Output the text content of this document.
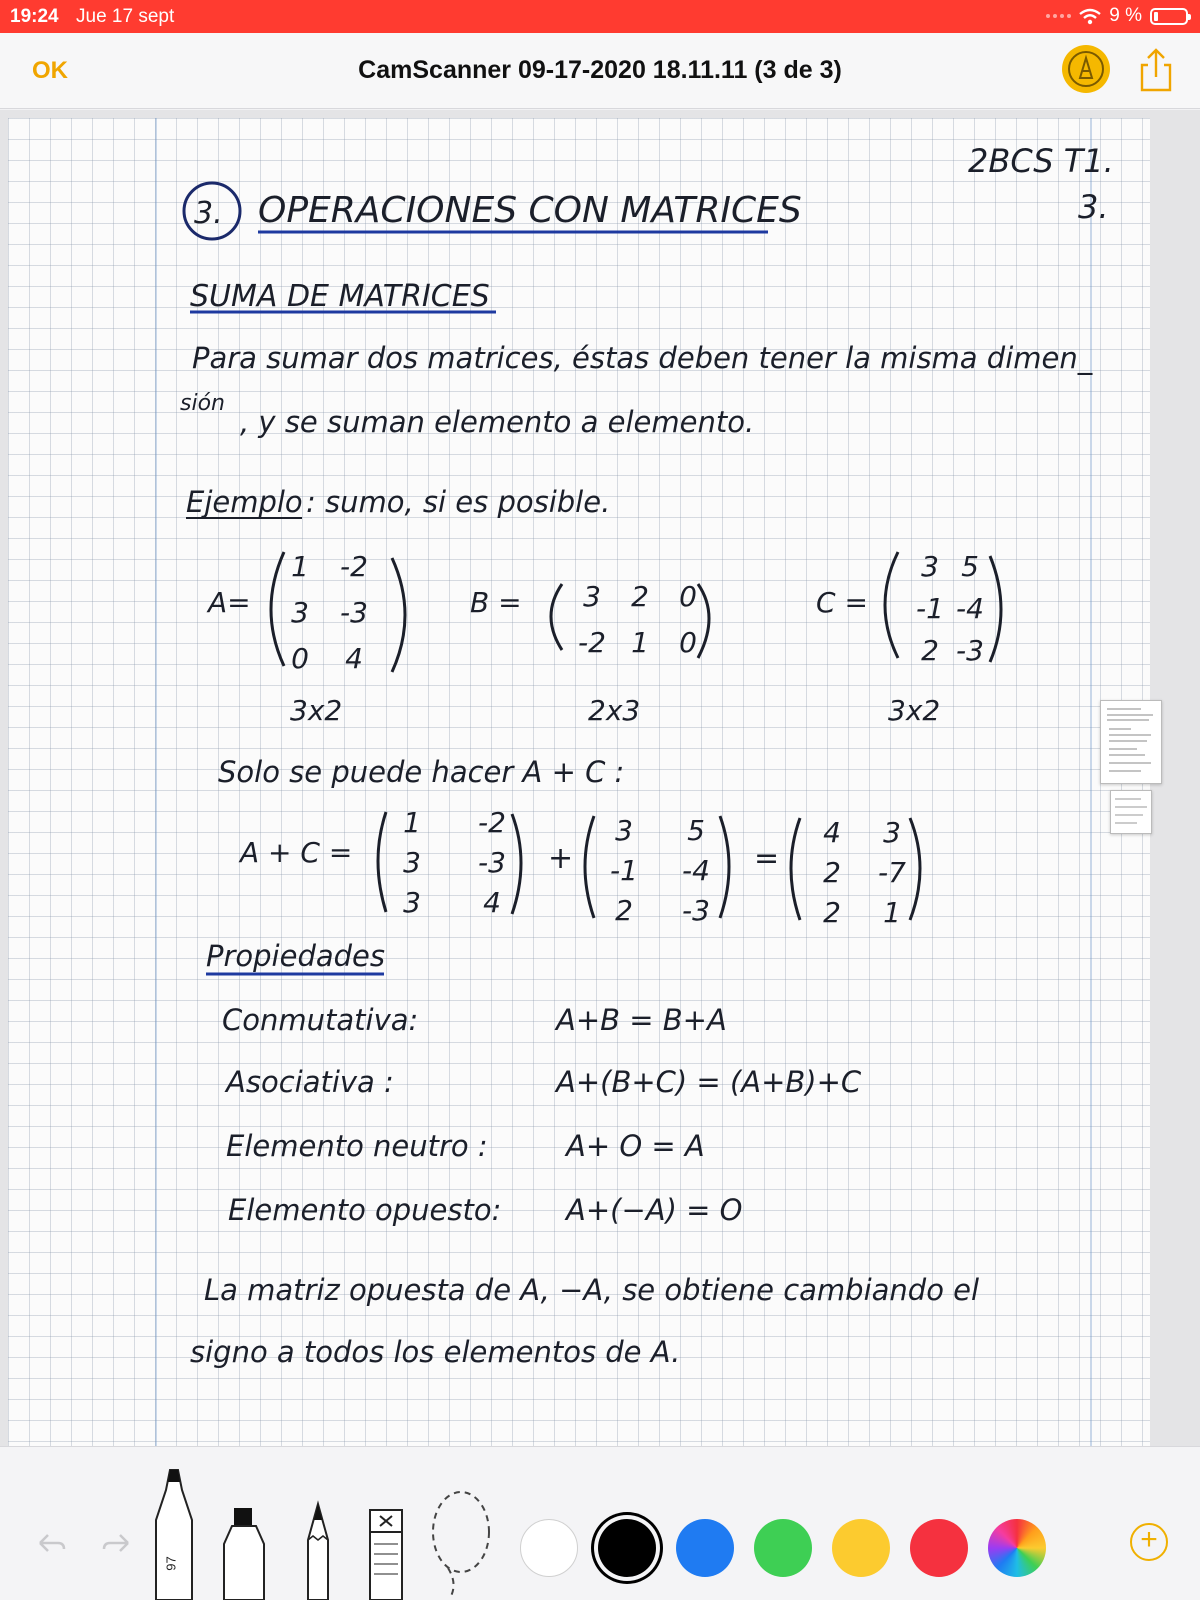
19:24 Jue 17 sept	9 %
OK	CamScanner 09-17-2020 18.11.11 (3 de 3)
2BCS T1.
3.
3. OPERACIONES CON MATRICES
SUMA DE MATRICES
Para sumar dos matrices, éstas deben tener la misma dimen_
sión
, y se suman elemento a elemento.
Ejemplo : sumo, si es posible.
A=
1 -2
3 -3
0 4
B = 3 2 0
-2 1 0
C =
3 5
-1 -4
2 -3
3x2	2x3	3x2
Solo se puede hacer A + C :
A + C =
1 -2
3 -3
3 4
+
3 5
-1 -4
2 -3
=
4 3
2 -7
2 1
Propiedades
Conmutativa:	A+B = B+A
Asociativa :	A+(B+C) = (A+B)+C
Elemento neutro :	A+ O = A
Elemento opuesto: A+(−A) = O
La matriz opuesta de A, −A, se obtiene cambiando el
signo a todos los elementos de A.
97
+
